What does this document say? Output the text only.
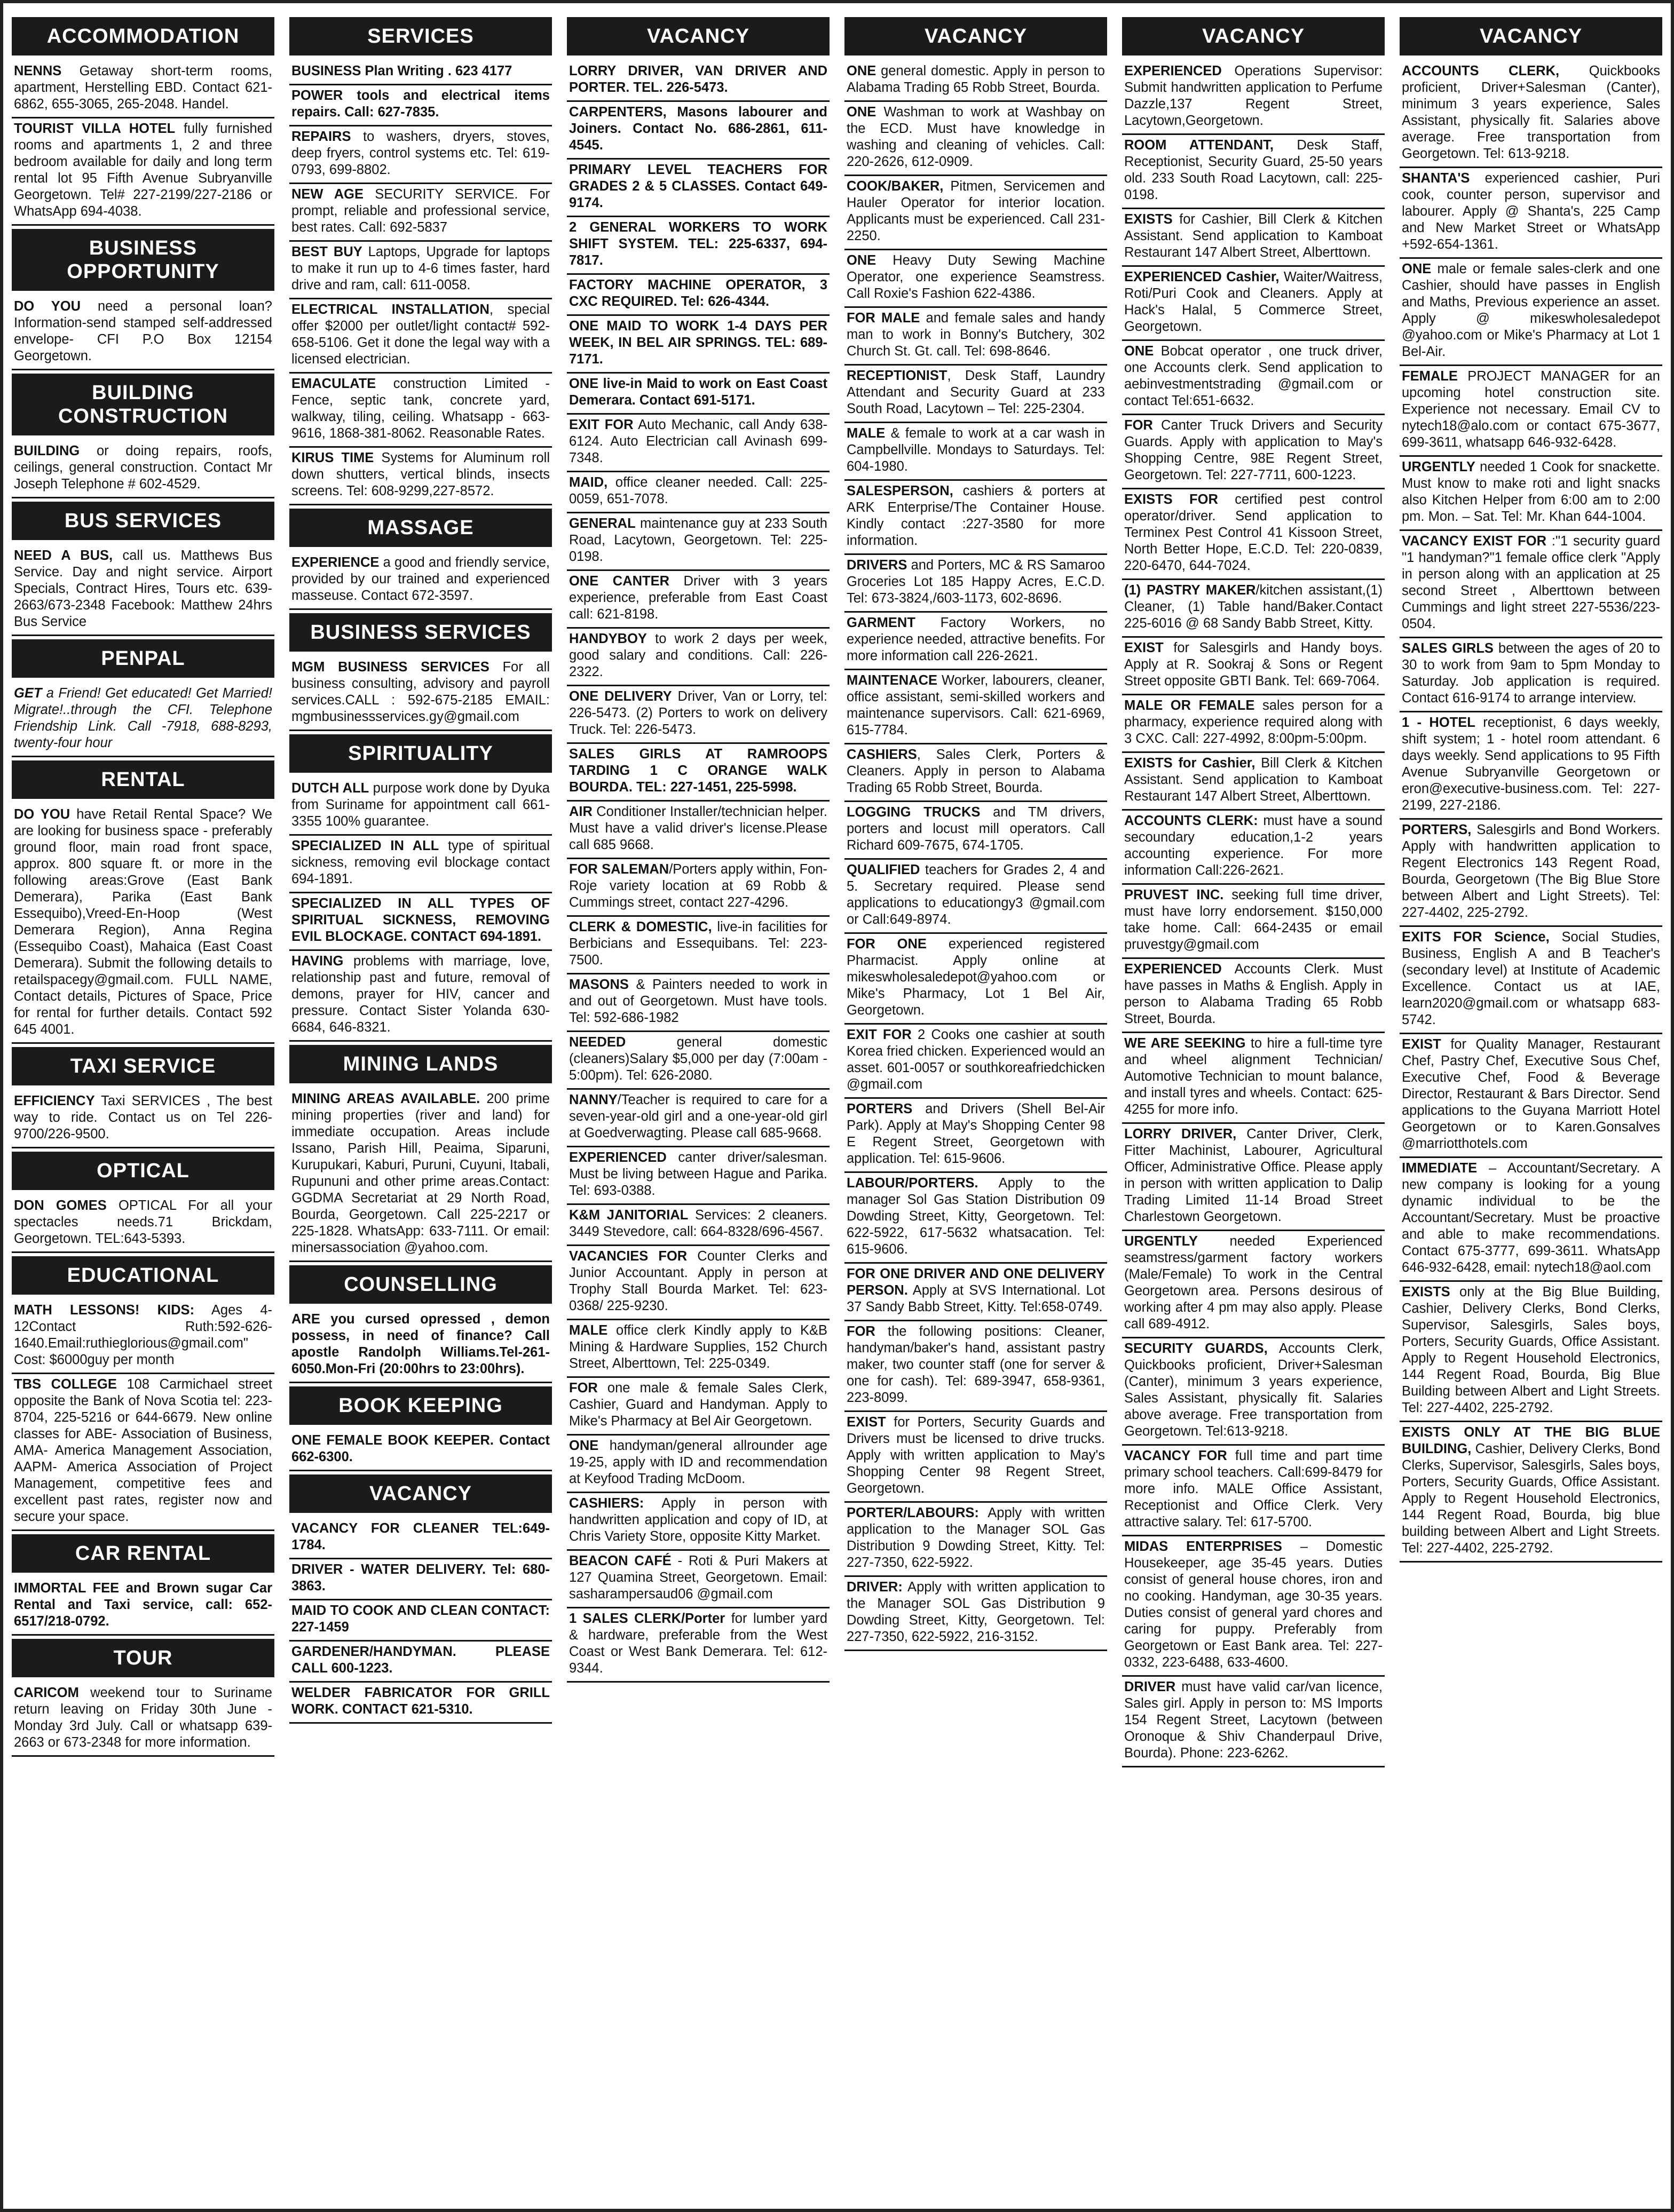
ACCOMMODATION
NENNS Getaway short-term rooms, apartment, Herstelling EBD. Contact 621-6862, 655-3065, 265-2048. Handel.
TOURIST VILLA HOTEL fully furnished rooms and apartments 1, 2 and three bedroom available for daily and long term rental lot 95 Fifth Avenue Subryanville Georgetown. Tel# 227-2199/227-2186 or WhatsApp 694-4038.
BUSINESS OPPORTUNITY
DO YOU need a personal loan? Information-send stamped self-addressed envelope- CFI P.O Box 12154 Georgetown.
BUILDING CONSTRUCTION
BUILDING or doing repairs, roofs, ceilings, general construction. Contact Mr Joseph Telephone # 602-4529.
BUS SERVICES
NEED A BUS, call us. Matthews Bus Service. Day and night service. Airport Specials, Contract Hires, Tours etc. 639-2663/673-2348 Facebook: Matthew 24hrs Bus Service
PENPAL
GET a Friend! Get educated! Get Married! Migrate!..through the CFI. Telephone Friendship Link. Call -7918, 688-8293, twenty-four hour
RENTAL
DO YOU have Retail Rental Space? We are looking for business space - preferably ground floor, main road front space, approx. 800 square ft. or more in the following areas:Grove (East Bank Demerara), Parika (East Bank Essequibo),Vreed-En-Hoop (West Demerara Region), Anna Regina (Essequibo Coast), Mahaica (East Coast Demerara). Submit the following details to retailspacegy@gmail.com. FULL NAME, Contact details, Pictures of Space, Price for rental for further details. Contact 592 645 4001.
TAXI SERVICE
EFFICIENCY Taxi SERVICES , The best way to ride. Contact us on Tel 226-9700/226-9500.
OPTICAL
DON GOMES OPTICAL For all your spectacles needs.71 Brickdam, Georgetown. TEL:643-5393.
EDUCATIONAL
MATH LESSONS! KIDS: Ages 4-12Contact Ruth:592-626-1640.Email:ruthieglorious@gmail.com" Cost: $6000guy per month
TBS COLLEGE 108 Carmichael street opposite the Bank of Nova Scotia tel: 223-8704, 225-5216 or 644-6679. New online classes for ABE- Association of Business, AMA- America Management Association, AAPM- America Association of Project Management, competitive fees and excellent past rates, register now and secure your space.
CAR RENTAL
IMMORTAL FEE and Brown sugar Car Rental and Taxi service, call: 652-6517/218-0792.
TOUR
CARICOM weekend tour to Suriname return leaving on Friday 30th June - Monday 3rd July. Call or whatsapp 639-2663 or 673-2348 for more information.
SERVICES
BUSINESS Plan Writing . 623 4177
POWER tools and electrical items repairs. Call: 627-7835.
REPAIRS to washers, dryers, stoves, deep fryers, control systems etc. Tel: 619-0793, 699-8802.
NEW AGE SECURITY SERVICE. For prompt, reliable and professional service, best rates. Call: 692-5837
BEST BUY Laptops, Upgrade for laptops to make it run up to 4-6 times faster, hard drive and ram, call: 611-0058.
ELECTRICAL INSTALLATION, special offer $2000 per outlet/light contact# 592-658-5106. Get it done the legal way with a licensed electrician.
EMACULATE construction Limited - Fence, septic tank, concrete yard, walkway, tiling, ceiling. Whatsapp - 663-9616, 1868-381-8062. Reasonable Rates.
KIRUS TIME Systems for Aluminum roll down shutters, vertical blinds, insects screens. Tel: 608-9299,227-8572.
MASSAGE
EXPERIENCE a good and friendly service, provided by our trained and experienced masseuse. Contact 672-3597.
BUSINESS SERVICES
MGM BUSINESS SERVICES For all business consulting, advisory and payroll services.CALL : 592-675-2185 EMAIL: mgmbusinessservices.gy@gmail.com
SPIRITUALITY
DUTCH ALL purpose work done by Dyuka from Suriname for appointment call 661-3355 100% guarantee.
SPECIALIZED IN ALL type of spiritual sickness, removing evil blockage contact 694-1891.
SPECIALIZED IN ALL TYPES OF SPIRITUAL SICKNESS, REMOVING EVIL BLOCKAGE. CONTACT 694-1891.
HAVING problems with marriage, love, relationship past and future, removal of demons, prayer for HIV, cancer and pressure. Contact Sister Yolanda 630-6684, 646-8321.
MINING LANDS
MINING AREAS AVAILABLE. 200 prime mining properties (river and land) for immediate occupation. Areas include Issano, Parish Hill, Peaima, Siparuni, Kurupukari, Kaburi, Puruni, Cuyuni, Itabali, Rupununi and other prime areas.Contact: GGDMA Secretariat at 29 North Road, Bourda, Georgetown. Call 225-2217 or 225-1828. WhatsApp: 633-7111. Or email: minersassociation @yahoo.com.
COUNSELLING
ARE you cursed opressed , demon possess, in need of finance? Call apostle Randolph Williams.Tel-261-6050.Mon-Fri (20:00hrs to 23:00hrs).
BOOK KEEPING
ONE FEMALE BOOK KEEPER. Contact 662-6300.
VACANCY
VACANCY FOR CLEANER TEL:649-1784.
DRIVER - WATER DELIVERY. Tel: 680-3863.
MAID TO COOK AND CLEAN CONTACT: 227-1459
GARDENER/HANDYMAN. PLEASE CALL 600-1223.
WELDER FABRICATOR FOR GRILL WORK. CONTACT 621-5310.
VACANCY
LORRY DRIVER, VAN DRIVER AND PORTER. TEL. 226-5473.
CARPENTERS, Masons labourer and Joiners. Contact No. 686-2861, 611-4545.
PRIMARY LEVEL TEACHERS FOR GRADES 2 & 5 CLASSES. Contact 649-9174.
2 GENERAL WORKERS TO WORK SHIFT SYSTEM. TEL: 225-6337, 694-7817.
FACTORY MACHINE OPERATOR, 3 CXC REQUIRED. Tel: 626-4344.
ONE MAID TO WORK 1-4 DAYS PER WEEK, IN BEL AIR SPRINGS. TEL: 689-7171.
ONE live-in Maid to work on East Coast Demerara. Contact 691-5171.
EXIT FOR Auto Mechanic, call Andy 638-6124. Auto Electrician call Avinash 699-7348.
MAID, office cleaner needed. Call: 225-0059, 651-7078.
GENERAL maintenance guy at 233 South Road, Lacytown, Georgetown. Tel: 225-0198.
ONE CANTER Driver with 3 years experience, preferable from East Coast call: 621-8198.
HANDYBOY to work 2 days per week, good salary and conditions. Call: 226-2322.
ONE DELIVERY Driver, Van or Lorry, tel: 226-5473. (2) Porters to work on delivery Truck. Tel: 226-5473.
SALES GIRLS AT RAMROOPS TARDING 1 C ORANGE WALK BOURDA. TEL: 227-1451, 225-5998.
AIR Conditioner Installer/technician helper. Must have a valid driver's license.Please call 685 9668.
FOR SALEMAN/Porters apply within, Fon-Roje variety location at 69 Robb & Cummings street, contact 227-4296.
CLERK & DOMESTIC, live-in facilities for Berbicians and Essequibans. Tel: 223-7500.
MASONS & Painters needed to work in and out of Georgetown. Must have tools. Tel: 592-686-1982
NEEDED general domestic (cleaners)Salary $5,000 per day (7:00am - 5:00pm). Tel: 626-2080.
NANNY/Teacher is required to care for a seven-year-old girl and a one-year-old girl at Goedverwagting. Please call 685-9668.
EXPERIENCED canter driver/salesman. Must be living between Hague and Parika. Tel: 693-0388.
K&M JANITORIAL Services: 2 cleaners. 3449 Stevedore, call: 664-8328/696-4567.
VACANCIES FOR Counter Clerks and Junior Accountant. Apply in person at Trophy Stall Bourda Market. Tel: 623-0368/ 225-9230.
MALE office clerk Kindly apply to K&B Mining & Hardware Supplies, 152 Church Street, Alberttown, Tel: 225-0349.
FOR one male & female Sales Clerk, Cashier, Guard and Handyman. Apply to Mike's Pharmacy at Bel Air Georgetown.
ONE handyman/general allrounder age 19-25, apply with ID and recommendation at Keyfood Trading McDoom.
CASHIERS: Apply in person with handwritten application and copy of ID, at Chris Variety Store, opposite Kitty Market.
BEACON CAFÉ - Roti & Puri Makers at 127 Quamina Street, Georgetown. Email: sasharampersaud06 @gmail.com
1 SALES CLERK/Porter for lumber yard & hardware, preferable from the West Coast or West Bank Demerara. Tel: 612-9344.
VACANCY
ONE general domestic. Apply in person to Alabama Trading 65 Robb Street, Bourda.
ONE Washman to work at Washbay on the ECD. Must have knowledge in washing and cleaning of vehicles. Call: 220-2626, 612-0909.
COOK/BAKER, Pitmen, Servicemen and Hauler Operator for interior location. Applicants must be experienced. Call 231-2250.
ONE Heavy Duty Sewing Machine Operator, one experience Seamstress. Call Roxie's Fashion 622-4386.
FOR MALE and female sales and handy man to work in Bonny's Butchery, 302 Church St. Gt. call. Tel: 698-8646.
RECEPTIONIST, Desk Staff, Laundry Attendant and Security Guard at 233 South Road, Lacytown – Tel: 225-2304.
MALE & female to work at a car wash in Campbellville. Mondays to Saturdays. Tel: 604-1980.
SALESPERSON, cashiers & porters at ARK Enterprise/The Container House. Kindly contact :227-3580 for more information.
DRIVERS and Porters, MC & RS Samaroo Groceries Lot 185 Happy Acres, E.C.D. Tel: 673-3824,/603-1173, 602-8696.
GARMENT Factory Workers, no experience needed, attractive benefits. For more information call 226-2621.
MAINTENACE Worker, labourers, cleaner, office assistant, semi-skilled workers and maintenance supervisors. Call: 621-6969, 615-7784.
CASHIERS, Sales Clerk, Porters & Cleaners. Apply in person to Alabama Trading 65 Robb Street, Bourda.
LOGGING TRUCKS and TM drivers, porters and locust mill operators. Call Richard 609-7675, 674-1705.
QUALIFIED teachers for Grades 2, 4 and 5. Secretary required. Please send applications to educationgy3 @gmail.com or Call:649-8974.
FOR ONE experienced registered Pharmacist. Apply online at mikeswholesaledepot@yahoo.com or Mike's Pharmacy, Lot 1 Bel Air, Georgetown.
EXIT FOR 2 Cooks one cashier at south Korea fried chicken. Experienced would an asset. 601-0057 or southkoreafriedchicken @gmail.com
PORTERS and Drivers (Shell Bel-Air Park). Apply at May's Shopping Center 98 E Regent Street, Georgetown with application. Tel: 615-9606.
LABOUR/PORTERS. Apply to the manager Sol Gas Station Distribution 09 Dowding Street, Kitty, Georgetown. Tel: 622-5922, 617-5632 whatsacation. Tel: 615-9606.
FOR ONE DRIVER AND ONE DELIVERY PERSON. Apply at SVS International. Lot 37 Sandy Babb Street, Kitty. Tel:658-0749.
FOR the following positions: Cleaner, handyman/baker's hand, assistant pastry maker, two counter staff (one for server & one for cash). Tel: 689-3947, 658-9361, 223-8099.
EXIST for Porters, Security Guards and Drivers must be licensed to drive trucks. Apply with written application to May's Shopping Center 98 Regent Street, Georgetown.
PORTER/LABOURS: Apply with written application to the Manager SOL Gas Distribution 9 Dowding Street, Kitty. Tel: 227-7350, 622-5922.
DRIVER: Apply with written application to the Manager SOL Gas Distribution 9 Dowding Street, Kitty, Georgetown. Tel: 227-7350, 622-5922, 216-3152.
VACANCY
EXPERIENCED Operations Supervisor: Submit handwritten application to Perfume Dazzle,137 Regent Street, Lacytown,Georgetown.
ROOM ATTENDANT, Desk Staff, Receptionist, Security Guard, 25-50 years old. 233 South Road Lacytown, call: 225-0198.
EXISTS for Cashier, Bill Clerk & Kitchen Assistant. Send application to Kamboat Restaurant 147 Albert Street, Alberttown.
EXPERIENCED Cashier, Waiter/Waitress, Roti/Puri Cook and Cleaners. Apply at Hack's Halal, 5 Commerce Street, Georgetown.
ONE Bobcat operator , one truck driver, one Accounts clerk. Send application to aebinvestmentstrading @gmail.com or contact Tel:651-6632.
FOR Canter Truck Drivers and Security Guards. Apply with application to May's Shopping Centre, 98E Regent Street, Georgetown. Tel: 227-7711, 600-1223.
EXISTS FOR certified pest control operator/driver. Send application to Terminex Pest Control 41 Kissoon Street, North Better Hope, E.C.D. Tel: 220-0839, 220-6470, 644-7024.
(1) PASTRY MAKER/kitchen assistant,(1) Cleaner, (1) Table hand/Baker.Contact 225-6016 @ 68 Sandy Babb Street, Kitty.
EXIST for Salesgirls and Handy boys. Apply at R. Sookraj & Sons or Regent Street opposite GBTI Bank. Tel: 669-7064.
MALE OR FEMALE sales person for a pharmacy, experience required along with 3 CXC. Call: 227-4992, 8:00pm-5:00pm.
EXISTS for Cashier, Bill Clerk & Kitchen Assistant. Send application to Kamboat Restaurant 147 Albert Street, Alberttown.
ACCOUNTS CLERK: must have a sound secoundary education,1-2 years accounting experience. For more information Call:226-2621.
PRUVEST INC. seeking full time driver, must have lorry endorsement. $150,000 take home. Call: 664-2435 or email pruvestgy@gmail.com
EXPERIENCED Accounts Clerk. Must have passes in Maths & English. Apply in person to Alabama Trading 65 Robb Street, Bourda.
WE ARE SEEKING to hire a full-time tyre and wheel alignment Technician/ Automotive Technician to mount balance, and install tyres and wheels. Contact: 625-4255 for more info.
LORRY DRIVER, Canter Driver, Clerk, Fitter Machinist, Labourer, Agricultural Officer, Administrative Office. Please apply in person with written application to Dalip Trading Limited 11-14 Broad Street Charlestown Georgetown.
URGENTLY needed Experienced seamstress/garment factory workers (Male/Female) To work in the Central Georgetown area. Persons desirous of working after 4 pm may also apply. Please call 689-4912.
SECURITY GUARDS, Accounts Clerk, Quickbooks proficient, Driver+Salesman (Canter), minimum 3 years experience, Sales Assistant, physically fit. Salaries above average. Free transportation from Georgetown. Tel:613-9218.
VACANCY FOR full time and part time primary school teachers. Call:699-8479 for more info. MALE Office Assistant, Receptionist and Office Clerk. Very attractive salary. Tel: 617-5700.
MIDAS ENTERPRISES – Domestic Housekeeper, age 35-45 years. Duties consist of general house chores, iron and no cooking. Handyman, age 30-35 years. Duties consist of general yard chores and caring for puppy. Preferably from Georgetown or East Bank area. Tel: 227-0332, 223-6488, 633-4600.
DRIVER must have valid car/van licence, Sales girl. Apply in person to: MS Imports 154 Regent Street, Lacytown (between Oronoque & Shiv Chanderpaul Drive, Bourda). Phone: 223-6262.
VACANCY
ACCOUNTS CLERK, Quickbooks proficient, Driver+Salesman (Canter), minimum 3 years experience, Sales Assistant, physically fit. Salaries above average. Free transportation from Georgetown. Tel: 613-9218.
SHANTA'S experienced cashier, Puri cook, counter person, supervisor and labourer. Apply @ Shanta's, 225 Camp and New Market Street or WhatsApp +592-654-1361.
ONE male or female sales-clerk and one Cashier, should have passes in English and Maths, Previous experience an asset. Apply @ mikeswholesaledepot @yahoo.com or Mike's Pharmacy at Lot 1 Bel-Air.
FEMALE PROJECT MANAGER for an upcoming hotel construction site. Experience not necessary. Email CV to nytech18@alo.com or contact 675-3677, 699-3611, whatsapp 646-932-6428.
URGENTLY needed 1 Cook for snackette. Must know to make roti and light snacks also Kitchen Helper from 6:00 am to 2:00 pm. Mon. – Sat. Tel: Mr. Khan 644-1004.
VACANCY EXIST FOR :"1 security guard "1 handyman?"1 female office clerk "Apply in person along with an application at 25 second Street , Alberttown between Cummings and light street 227-5536/223-0504.
SALES GIRLS between the ages of 20 to 30 to work from 9am to 5pm Monday to Saturday. Job application is required. Contact 616-9174 to arrange interview.
1 - HOTEL receptionist, 6 days weekly, shift system; 1 - hotel room attendant. 6 days weekly. Send applications to 95 Fifth Avenue Subryanville Georgetown or eron@executive-business.com. Tel: 227-2199, 227-2186.
PORTERS, Salesgirls and Bond Workers. Apply with handwritten application to Regent Electronics 143 Regent Road, Bourda, Georgetown (The Big Blue Store between Albert and Light Streets). Tel: 227-4402, 225-2792.
EXITS FOR Science, Social Studies, Business, English A and B Teacher's (secondary level) at Institute of Academic Excellence. Contact us at IAE, learn2020@gmail.com or whatsapp 683-5742.
EXIST for Quality Manager, Restaurant Chef, Pastry Chef, Executive Sous Chef, Executive Chef, Food & Beverage Director, Restaurant & Bars Director. Send applications to the Guyana Marriott Hotel Georgetown or to Karen.Gonsalves @marriotthotels.com
IMMEDIATE – Accountant/Secretary. A new company is looking for a young dynamic individual to be the Accountant/Secretary. Must be proactive and able to make recommendations. Contact 675-3777, 699-3611. WhatsApp 646-932-6428, email: nytech18@aol.com
EXISTS only at the Big Blue Building, Cashier, Delivery Clerks, Bond Clerks, Supervisor, Salesgirls, Sales boys, Porters, Security Guards, Office Assistant. Apply to Regent Household Electronics, 144 Regent Road, Bourda, Big Blue Building between Albert and Light Streets. Tel: 227-4402, 225-2792.
EXISTS ONLY AT THE BIG BLUE BUILDING, Cashier, Delivery Clerks, Bond Clerks, Supervisor, Salesgirls, Sales boys, Porters, Security Guards, Office Assistant. Apply to Regent Household Electronics, 144 Regent Road, Bourda, big blue building between Albert and Light Streets. Tel: 227-4402, 225-2792.
